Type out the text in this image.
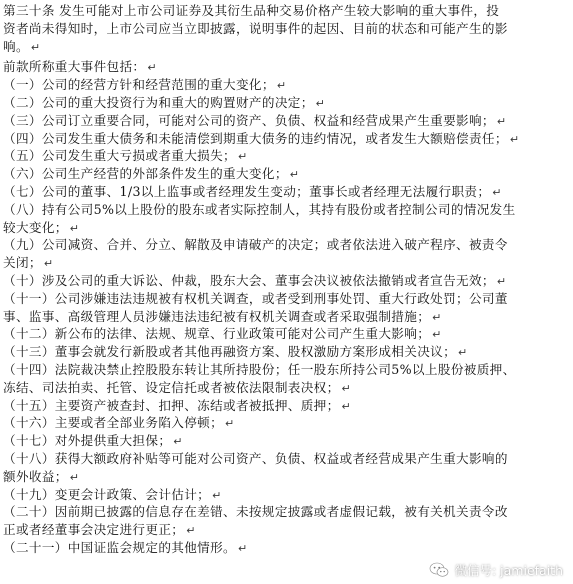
第三十条 发生可能对上市公司证券及其衍生品种交易价格产生较大影响的重大事件，投
资者尚未得知时，上市公司应当立即披露，说明事件的起因、目前的状态和可能产生的影
响。 ↵
前款所称重大事件包括： ↵
（一）公司的经营方针和经营范围的重大变化； ↵
（二）公司的重大投资行为和重大的购置财产的决定； ↵
（三）公司订立重要合同，可能对公司的资产、负债、权益和经营成果产生重要影响； ↵
（四）公司发生重大债务和未能清偿到期重大债务的违约情况，或者发生大额赔偿责任； ↵
（五）公司发生重大亏损或者重大损失； ↵
（六）公司生产经营的外部条件发生的重大变化； ↵
（七）公司的董事、1/3以上监事或者经理发生变动；董事长或者经理无法履行职责； ↵
（八）持有公司5%以上股份的股东或者实际控制人，其持有股份或者控制公司的情况发生
较大变化； ↵
（九）公司减资、合并、分立、解散及申请破产的决定；或者依法进入破产程序、被责令
关闭； ↵
（十）涉及公司的重大诉讼、仲裁，股东大会、董事会决议被依法撤销或者宣告无效； ↵
（十一）公司涉嫌违法违规被有权机关调查，或者受到刑事处罚、重大行政处罚；公司董
事、监事、高级管理人员涉嫌违法违纪被有权机关调查或者采取强制措施； ↵
（十二）新公布的法律、法规、规章、行业政策可能对公司产生重大影响； ↵
（十三）董事会就发行新股或者其他再融资方案、股权激励方案形成相关决议； ↵
（十四）法院裁决禁止控股股东转让其所持股份；任一股东所持公司5%以上股份被质押、
冻结、司法拍卖、托管、设定信托或者被依法限制表决权； ↵
（十五）主要资产被查封、扣押、冻结或者被抵押、质押； ↵
（十六）主要或者全部业务陷入停顿； ↵
（十七）对外提供重大担保； ↵
（十八）获得大额政府补贴等可能对公司资产、负债、权益或者经营成果产生重大影响的
额外收益； ↵
（十九）变更会计政策、会计估计； ↵
（二十）因前期已披露的信息存在差错、未按规定披露或者虚假记载，被有关机关责令改
正或者经董事会决定进行更正； ↵
（二十一）中国证监会规定的其他情形。 ↵
微信号: jamiefaith
